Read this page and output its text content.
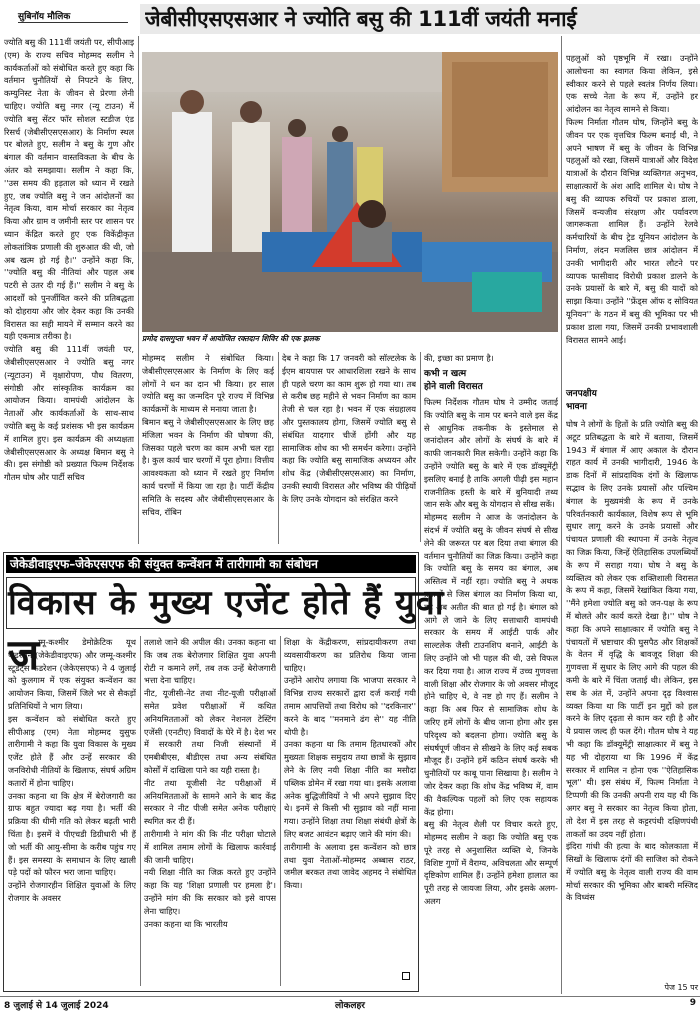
सुबिनॉय मौलिक	जेबीसीएसएसआर ने ज्योति बसु की 111वीं जयंती मनाई
ज्योति बसु की 111वीं जयंती पर, सीपीआइ (एम) के राज्य सचिव मोहम्मद सलीम ने कार्यकर्ताओं को संबोधित करते हुए कहा कि वर्तमान चुनौतियों से निपटने के लिए, कम्युनिस्ट नेता के जीवन से प्रेरणा लेनी चाहिए। ज्योति बसु नगर (न्यू टाउन) में ज्योति बसु सेंटर फॉर सोशल स्टडीज एंड रिसर्च (जेबीसीएसएसआर) के निर्माण स्थल पर बोलते हुए, सलीम ने बसु के गुण और बंगाल की वर्तमान वास्तविकता के बीच के अंतर को समझाया। सलीम ने कहा कि, ''उस समय की हड़ताल को ध्यान में रखते हुए, जब ज्योति बसु ने जन आंदोलनों का नेतृत्व किया, वाम मोर्चा सरकार का नेतृत्व किया और ग्राम व जमीनी स्तर पर शासन पर ध्यान केंद्रित करते हुए एक विकेंद्रीकृत लोकतांत्रिक प्रणाली की शुरुआत की थी, जो अब खत्म हो गई है।'' उन्होंने कहा कि, ''ज्योति बसु की नीतियां और पहल अब पटरी से उतर दी गई हैं।'' सलीम ने बसु के आदर्शों को पुनर्जीवित करने की प्रतिबद्धता को दोहराया और जोर देकर कहा कि उनकी विरासत का सही मायने में सम्मान करने का यही एकमात्र तरीका है।
ज्योति बसु की 111वीं जयंती पर, जेबीसीएसएसआर ने ज्योति बसु नगर (न्यूटाउन) में वृक्षारोपण, पौध वितरण, संगोष्ठी और सांस्कृतिक कार्यक्रम का आयोजन किया। वामपंथी आंदोलन के नेताओं और कार्यकर्ताओं के साथ-साथ ज्योति बसु के कई प्रशंसक भी इस कार्यक्रम में शामिल हुए। इस कार्यक्रम की अध्यक्षता जेबीसीएसएसआर के अध्यक्ष बिमान बसु ने की। इस संगोष्ठी को प्रख्यात फिल्म निर्देशक गौतम घोष और पार्टी सचिव
प्रमोद दासगुप्ता भवन में आयोजित रक्तदान शिविर की एक झलक
मोहम्मद सलीम ने संबोधित किया। जेबीसीएसएसआर के निर्माण के लिए कई लोगों ने धन का दान भी किया। हर साल ज्योति बसु का जन्मदिन पूरे राज्य में विभिन्न कार्यक्रमों के माध्यम से मनाया जाता है।
बिमान बसु ने जेबीसीएसएसआर के लिए छह मंजिला भवन के निर्माण की घोषणा की, जिसका पहले चरण का काम अभी चल रहा है। कुल कार्य चार चरणों में पूरा होगा। वित्तीय आवश्यकता को ध्यान में रखते हुए निर्माण कार्य चरणों में किया जा रहा है। पार्टी केंद्रीय समिति के सदस्य और जेबीसीएसएसआर के सचिव, रॉबिन
देब ने कहा कि 17 जनवरी को सॉल्टलेक के ईएम बायपास पर आधारशिला रखने के साथ ही पहले चरण का काम शुरू हो गया था। तब से करीब छह महीने से भवन निर्माण का काम तेजी से चल रहा है। भवन में एक संग्रहालय और पुस्तकालय होगा, जिसमें ज्योति बसु से संबंधित यादगार चीजें होंगी और यह सामाजिक शोध का भी समर्थन करेगा। उन्होंने कहा कि ज्योति बसु सामाजिक अध्ययन और शोध केंद्र (जेबीसीएसएसआर) का निर्माण, उनकी स्थायी विरासत और भविष्य की पीढ़ियों के लिए उनके योगदान को संरक्षित करने
की, इच्छा का प्रमाण है।
कभी न खत्म
होने वाली विरासत
फिल्म निर्देशक गौतम घोष ने उम्मीद जताई कि ज्योति बसु के नाम पर बनने वाले इस केंद्र से आधुनिक तकनीक के इस्तेमाल से जनांदोलन और लोगों के संघर्ष के बारे में काफी जानकारी मिल सकेगी। उन्होंने कहा कि उन्होंने ज्योति बसु के बारे में एक डॉक्यूमेंट्री इसलिए बनाई है ताकि अगली पीढ़ी इस महान राजनीतिक हस्ती के बारे में बुनियादी तथ्य जान सके और बसु के योगदान से सीख सकें।
मोहम्मद सलीम ने आज के जनांदोलन के संदर्भ में ज्योति बसु के जीवन संघर्ष से सीख लेने की जरूरत पर बल दिया तथा बंगाल की वर्तमान चुनौतियों का जिक्र किया। उन्होंने कहा कि ज्योति बसु के समय का बंगाल, अब अस्तित्व में नहीं रहा। ज्योति बसु ने अथक प्रयासों से जिस बंगाल का निर्माण किया था, वह अब अतीत की बात हो गई है। बंगाल को आगे ले जाने के लिए सत्ताधारी वामपंथी सरकार के समय में आईटी पार्क और साल्टलेक जैसी टाउनशिप बनाने, आईटी के लिए उन्होंने जो भी पहल की थी, उसे विफल कर दिया गया है। आज राज्य में उच्च गुणवत्ता वाली शिक्षा और रोजगार के जो अवसर मौजूद होने चाहिए थे, वे नष्ट हो गए हैं। सलीम ने कहा कि अब फिर से सामाजिक शोध के जरिए हमें लोगों के बीच जाना होगा और इस परिदृश्य को बदलना होगा। ज्योति बसु के संघर्षपूर्ण जीवन से सीखने के लिए कई सबक मौजूद हैं। उन्होंने हमें कठिन संघर्ष करके भी चुनौतियों पर काबू पाना सिखाया है। सलीम ने जोर देकर कहा कि शोध केंद्र भविष्य में, वाम की वैकल्पिक पहलों को लिए एक सहायक केंद्र होगा।
बसु की नेतृत्व शैली पर विचार करते हुए, मोहम्मद सलीम ने कहा कि ज्योति बसु एक पूरे तरह से अनुशासित व्यक्ति थे, जिनके विशिष्ट गुणों में वैराग्य, अविचलता और सम्पूर्ण दृष्टिकोण शामिल हैं। उन्होंने हमेशा हालात का पूरी तरह से जायजा लिया, और इसके अलग-अलग
पहलुओं को पृष्ठभूमि में रखा। उन्होंने आलोचना का स्वागत किया लेकिन, इसे स्वीकार करने से पहले स्वतंत्र निर्णय लिया। एक सच्चे नेता के रूप में, उन्होंने हर आंदोलन का नेतृत्व सामने से किया।
फिल्म निर्माता गौतम घोष, जिन्होंने बसु के जीवन पर एक वृत्तचित्र फिल्म बनाई थी, ने अपने भाषण में बसु के जीवन के विभिन्न पहलुओं को रखा, जिसमें यात्राओं और विदेश यात्राओं के दौरान विभिन्न व्यक्तिगत अनुभव, साक्षात्कारों के अंश आदि शामिल थे। घोष ने बसु की व्यापक रुचियों पर प्रकाश डाला, जिसमें वन्यजीव संरक्षण और पर्यावरण जागरूकता शामिल हैं। उन्होंने रेलवे कर्मचारियों के बीच ट्रेड यूनियन आंदोलन के निर्माण, लंदन मजलिस छात्र आंदोलन में उनकी भागीदारी और भारत लौटने पर व्यापक फासीवाद विरोधी प्रकाश डालने के उनके प्रयासों के बारे में, बसु की यादों को साझा किया। उन्होंने ''फ्रेंड्स ऑफ द सोवियत यूनियन'' के गठन में बसु की भूमिका पर भी प्रकाश डाला गया, जिसमें उनकी प्रभावशाली विरासत सामने आई।
जनपक्षीय
भावना
घोष ने लोगों के हितों के प्रति ज्योति बसु की अटूट प्रतिबद्धता के बारे में बताया, जिसमें 1943 में बंगाल में आए अकाल के दौरान राहत कार्य में उनकी भागीदारी, 1946 के डाक दिनों में सांप्रदायिक दंगों के खिलाफ सद्भाव के लिए उनके प्रयासों और पश्चिम बंगाल के मुख्यमंत्री के रूप में उनके परिवर्तनकारी कार्यकाल, विशेष रूप से भूमि सुधार लागू करने के उनके प्रयासों और पंचायत प्रणाली की स्थापना में उनके नेतृत्व का जिक्र किया, जिन्हें ऐतिहासिक उपलब्धियों के रूप में सराहा गया। घोष ने बसु के व्यक्तित्व को लेकर एक शक्तिशाली विरासत के रूप में कहा, जिसमें रेखांकित किया गया, ''मैंने हमेशा ज्योति बसु को जन-पक्ष के रूप में बोलते और कार्य करते देखा है।'' घोष ने कहा कि अपने साक्षात्कार में ज्योति बसु ने पंचायतों में भ्रष्टाचार की घुसपैठ और शिक्षकों के वेतन में वृद्धि के बावजूद शिक्षा की गुणवत्ता में सुधार के लिए आगे की पहल की कमी के बारे में चिंता जताई थी। लेकिन, इस सब के अंत में, उन्होंने अपना दृढ़ विश्वास व्यक्त किया था कि पार्टी इन मुद्दों को हल करने के लिए दृढ़ता से काम कर रही है और ये प्रयास जल्द ही फल देंगे। गौतम घोष ने यह भी कहा कि डॉक्यूमेंट्री साक्षात्कार में बसु ने यह भी दोहराया था कि 1996 में केंद्र सरकार में शामिल न होना एक ''ऐतिहासिक भूल'' थी। इस संबंध में, फिल्म निर्माता ने टिप्पणी की कि उनकी अपनी राय यह थी कि अगर बसु ने सरकार का नेतृत्व किया होता, तो देश में इस तरह से कट्टरपंथी दक्षिणपंथी ताकतों का उदय नहीं होता।
इंदिरा गांधी की हत्या के बाद कोलकाता में सिखों के खिलाफ दंगों की साजिश को रोकने में ज्योति बसु के नेतृत्व वाली राज्य की वाम मोर्चा सरकार की भूमिका और बाबरी मस्जिद के विध्वंस
पेज 15 पर
जेकेडीवाइएफ–जेकेएसएफ की संयुक्त कन्वेंशन में तारीगामी का संबोधन
विकास के मुख्य एजेंट होते हैं युवा
ज
म्मू-कश्मीर डेमोक्रेटिक यूथ फेडरेशन (जेकेडीवाइएफ) और जम्मू-कश्मीर स्टूडेंट्स फेडरेशन (जेकेएसएफ) ने 4 जुलाई को कुलगाम में एक संयुक्त कन्वेंशन का आयोजन किया, जिसमें जिले भर से सैकड़ों प्रतिनिधियों ने भाग लिया।
इस कन्वेंशन को संबोधित करते हुए सीपीआइ (एम) नेता मोहम्मद युसुफ तारीगामी ने कहा कि युवा विकास के मुख्य एजेंट होते हैं और उन्हें सरकार की जनविरोधी नीतियों के खिलाफ, संघर्ष अग्रिम कतारों में होना चाहिए।
उनका कहना था कि क्षेत्र में बेरोजगारी का ग्राफ बहुत ज्यादा बढ़ गया है। भर्ती की प्रक्रिया की धीमी गति को लेकर बढ़ती भारी चिंता है। इसमें वे पीएचडी डिग्रीधारी भी हैं जो भर्ती की आयु-सीमा के करीब पहुंच गए हैं। इस समस्या के समाधान के लिए खाली पड़े पदों को फौरन भरा जाना चाहिए।
उन्होंने रोजगारहीन शिक्षित युवाओं के लिए रोजगार के अवसर
तलाशे जाने की अपील की। उनका कहना था कि जब तक बेरोजगार शिक्षित युवा अपनी रोटी न कमाने लगें, तब तक उन्हें बेरोजगारी भत्ता देना चाहिए।
नीट, यूजीसी-नेट तथा नीट-यूजी परीक्षाओं समेत प्रवेश परीक्षाओं में कथित अनियमितताओं को लेकर नेशनल टेस्टिंग एजेंसी (एनटीए) विवादों के घेरे में है। देश भर में सरकारी तथा निजी संस्थानों में एमबीबीएस, बीडीएस तथा अन्य संबंधित कोर्सों में दाखिला पाने का यही रास्ता है।
नीट तथा यूजीसी नेट परीक्षाओं में अनियमितताओं के सामने आने के बाद केंद्र सरकार ने नीट पीजी समेत अनेक परीक्षाएं स्थगित कर दी हैं।
तारीगामी ने मांग की कि नीट परीक्षा घोटाले में शामिल तमाम लोगों के खिलाफ कार्रवाई की जानी चाहिए।
नयी शिक्षा नीति का जिक्र करते हुए उन्होंने कहा कि यह 'शिक्षा प्रणाली पर हमला है'। उन्होंने मांग की कि सरकार को इसे वापस लेना चाहिए।
उनका कहना था कि भारतीय
शिक्षा के केंद्रीकरण, सांप्रदायीकरण तथा व्यवसायीकरण का प्रतिरोध किया जाना चाहिए।
उन्होंने आरोप लगाया कि भाजपा सरकार ने विभिन्न राज्य सरकारों द्वारा दर्ज कराई गयी तमाम आपत्तियों तथा विरोध को ''दरकिनार'' करने के बाद ''मनमाने ढंग से'' यह नीति थोपी है।
उनका कहना था कि तमाम हितधारकों और मुख्यतः शिक्षक समुदाय तथा छात्रों के सुझाव लेने के लिए नयी शिक्षा नीति का मसौदा पब्लिक डोमेन में रखा गया था। इसके अलावा अनेक बुद्धिजीवियों ने भी अपने सुझाव दिए थे। इनमें से किसी भी सुझाव को नहीं माना गया। उन्होंने शिक्षा तथा शिक्षा संबंधी क्षेत्रों के लिए बजट आवंटन बढ़ाए जाने की मांग की।
तारीगामी के अलावा इस कन्वेंशन को छात्र तथा युवा नेताओं-मोहम्मद अब्बास राठर, जमील बरकत तथा जावेद अहमद ने संबोधित किया।
8 जुलाई से 14 जुलाई 2024	लोकलहर	9
